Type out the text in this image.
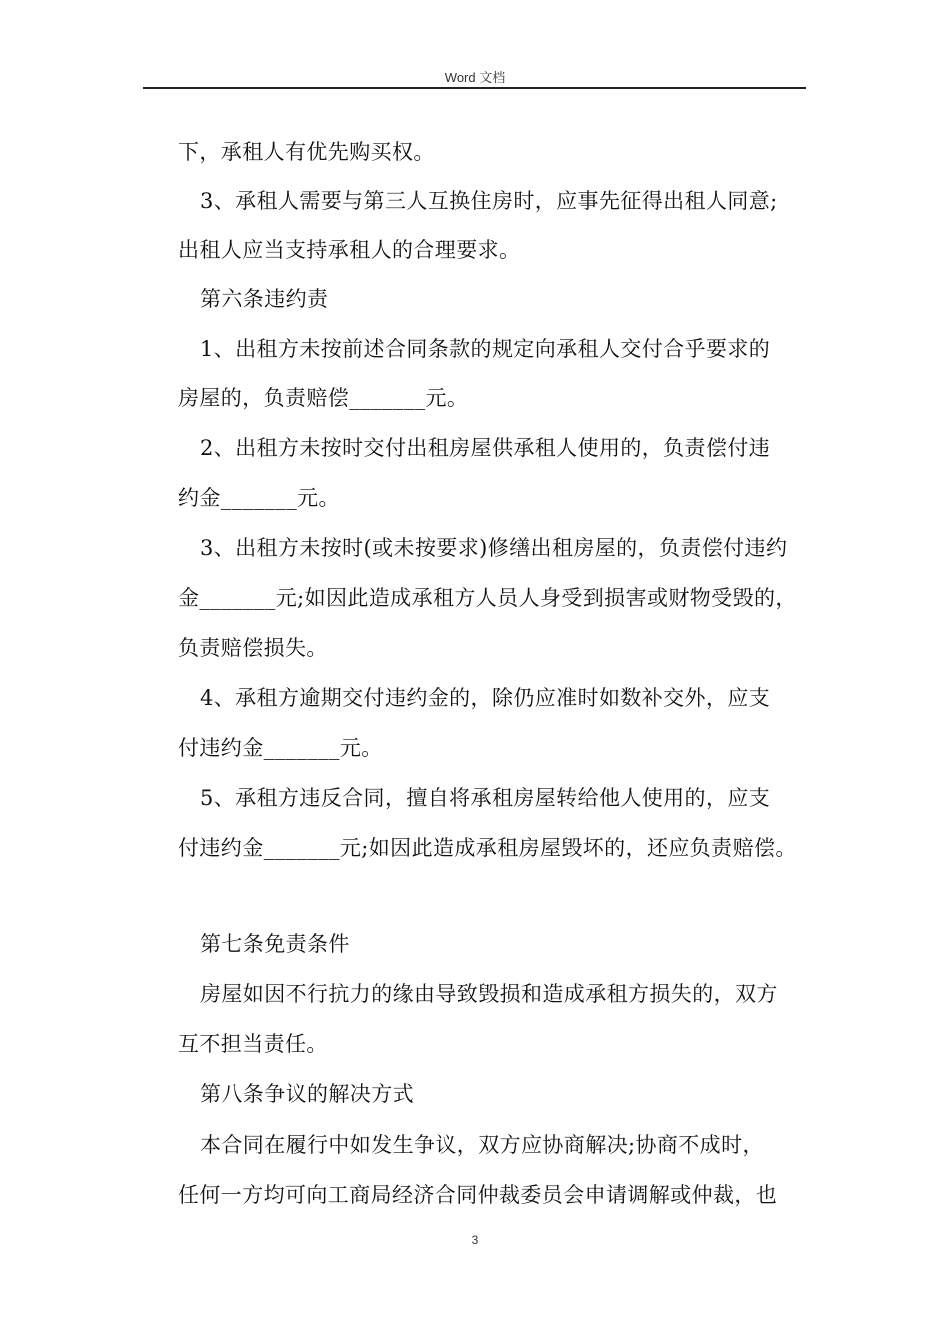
Word 文档
下，承租人有优先购买权。
3、承租人需要与第三人互换住房时，应事先征得出租人同意;
出租人应当支持承租人的合理要求。
第六条违约责
1、出租方未按前述合同条款的规定向承租人交付合乎要求的
房屋的，负责赔偿_______元。
2、出租方未按时交付出租房屋供承租人使用的，负责偿付违
约金_______元。
3、出租方未按时(或未按要求)修缮出租房屋的，负责偿付违约
金_______元;如因此造成承租方人员人身受到损害或财物受毁的，
负责赔偿损失。
4、承租方逾期交付违约金的，除仍应准时如数补交外，应支
付违约金_______元。
5、承租方违反合同，擅自将承租房屋转给他人使用的，应支
付违约金_______元;如因此造成承租房屋毁坏的，还应负责赔偿。
第七条免责条件
房屋如因不行抗力的缘由导致毁损和造成承租方损失的，双方
互不担当责任。
第八条争议的解决方式
本合同在履行中如发生争议，双方应协商解决;协商不成时，
任何一方均可向工商局经济合同仲裁委员会申请调解或仲裁，也
3
